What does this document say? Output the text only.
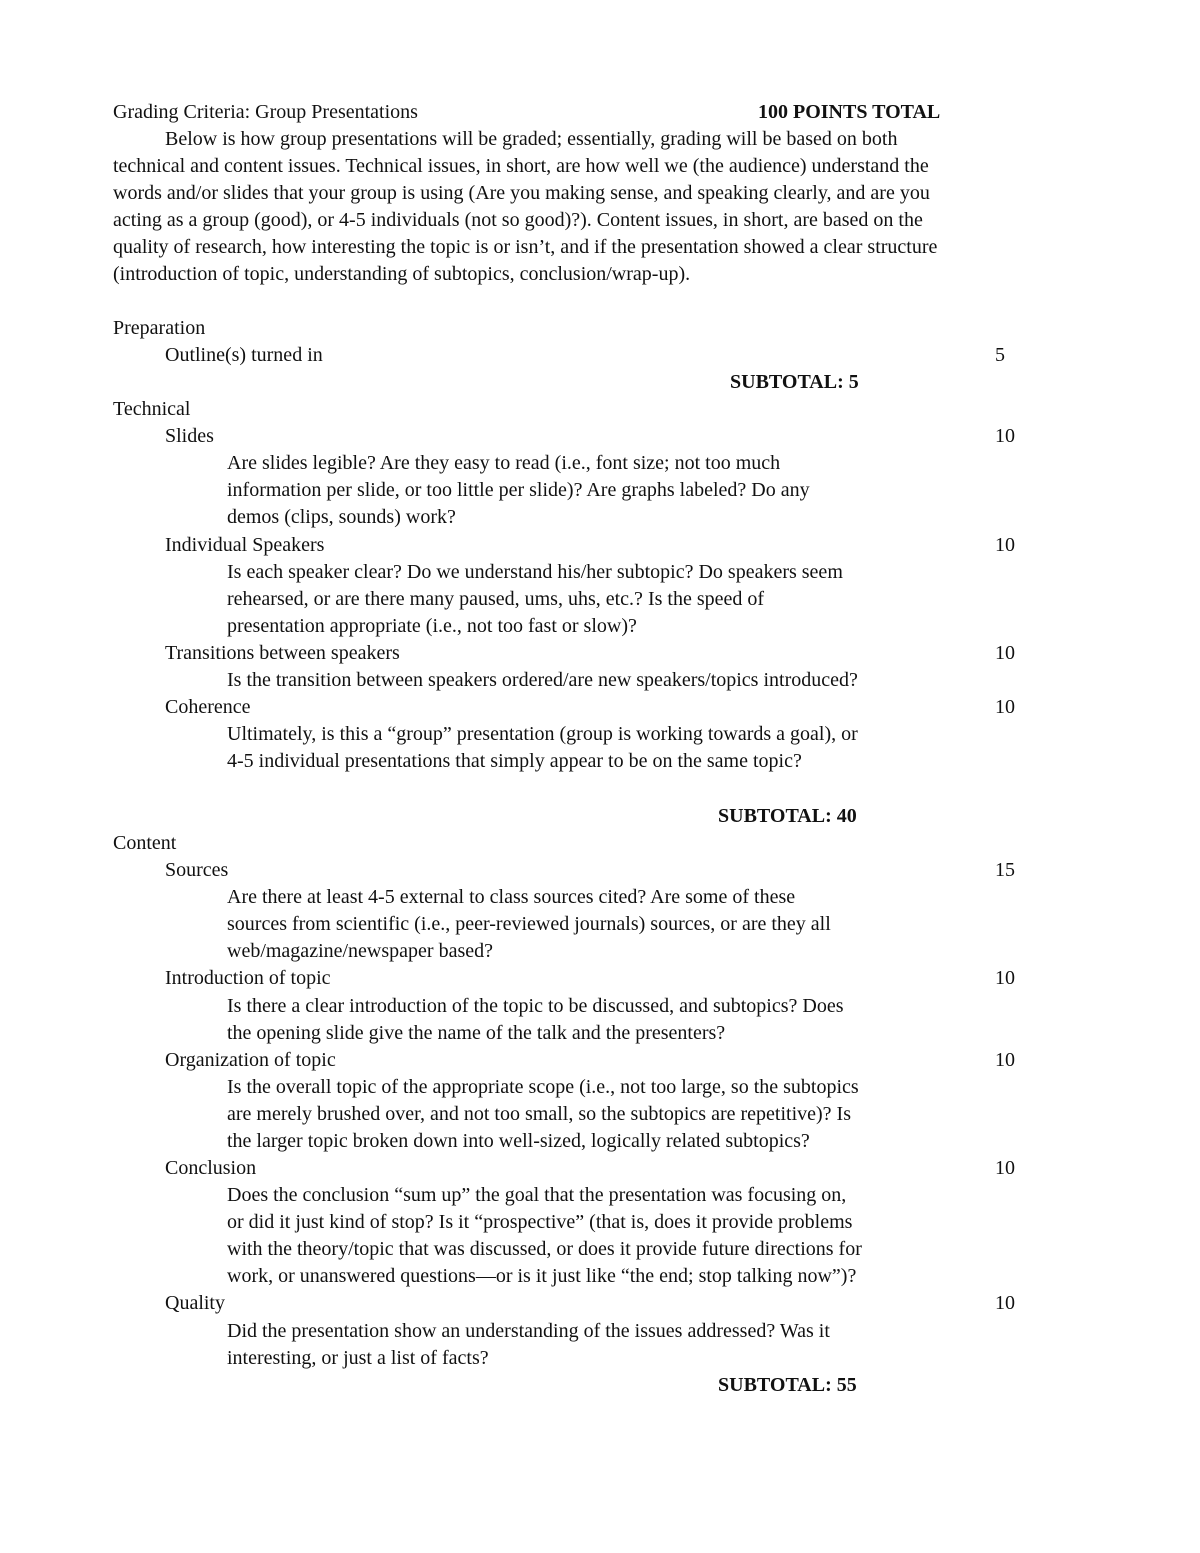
Grading Criteria: Group Presentations	100 POINTS TOTAL
Below is how group presentations will be graded; essentially, grading will be based on both
technical and content issues. Technical issues, in short, are how well we (the audience) understand the
words and/or slides that your group is using (Are you making sense, and speaking clearly, and are you
acting as a group (good), or 4-5 individuals (not so good)?). Content issues, in short, are based on the
quality of research, how interesting the topic is or isn’t, and if the presentation showed a clear structure
(introduction of topic, understanding of subtopics, conclusion/wrap-up).
Preparation
Outline(s) turned in	5
SUBTOTAL: 5
Technical
Slides	10
Are slides legible? Are they easy to read (i.e., font size; not too much
information per slide, or too little per slide)? Are graphs labeled? Do any
demos (clips, sounds) work?
Individual Speakers	10
Is each speaker clear? Do we understand his/her subtopic? Do speakers seem
rehearsed, or are there many paused, ums, uhs, etc.? Is the speed of
presentation appropriate (i.e., not too fast or slow)?
Transitions between speakers	10
Is the transition between speakers ordered/are new speakers/topics introduced?
Coherence	10
Ultimately, is this a “group” presentation (group is working towards a goal), or
4-5 individual presentations that simply appear to be on the same topic?
SUBTOTAL: 40
Content
Sources	15
Are there at least 4-5 external to class sources cited? Are some of these
sources from scientific (i.e., peer-reviewed journals) sources, or are they all
web/magazine/newspaper based?
Introduction of topic	10
Is there a clear introduction of the topic to be discussed, and subtopics? Does
the opening slide give the name of the talk and the presenters?
Organization of topic	10
Is the overall topic of the appropriate scope (i.e., not too large, so the subtopics
are merely brushed over, and not too small, so the subtopics are repetitive)? Is
the larger topic broken down into well-sized, logically related subtopics?
Conclusion	10
Does the conclusion “sum up” the goal that the presentation was focusing on,
or did it just kind of stop? Is it “prospective” (that is, does it provide problems
with the theory/topic that was discussed, or does it provide future directions for
work, or unanswered questions—or is it just like “the end; stop talking now”)?
Quality	10
Did the presentation show an understanding of the issues addressed? Was it
interesting, or just a list of facts?
SUBTOTAL: 55
